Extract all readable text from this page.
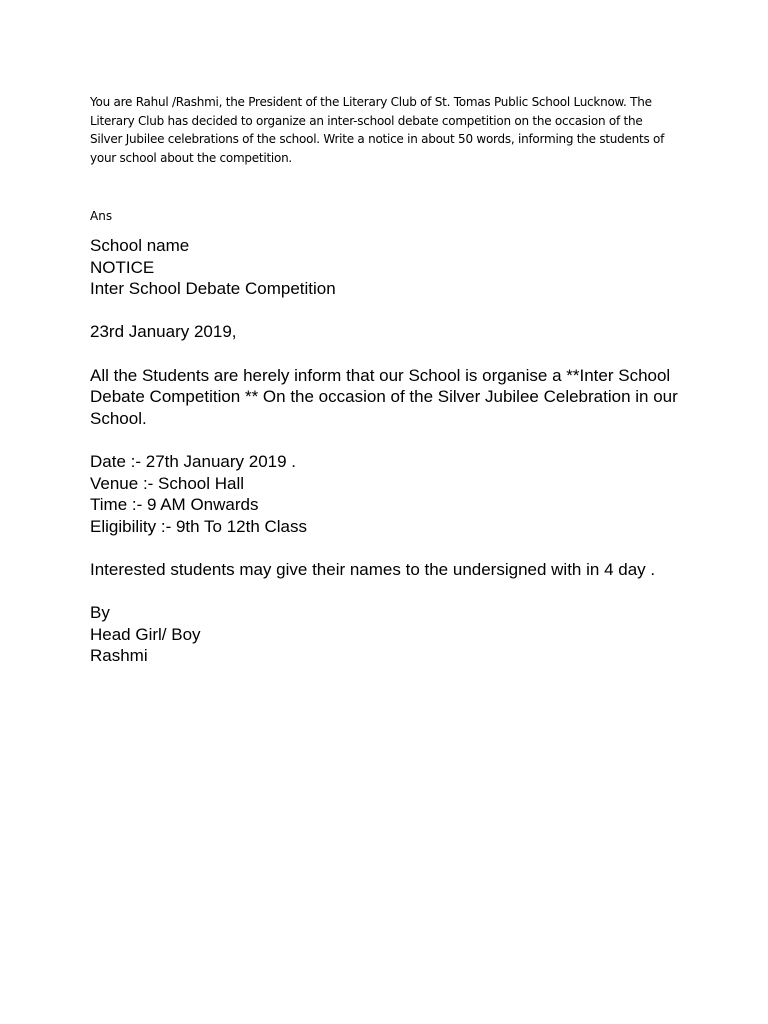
You are Rahul /Rashmi, the President of the Literary Club of St. Tomas Public School Lucknow. The Literary Club has decided to organize an inter-school debate competition on the occasion of the Silver Jubilee celebrations of the school. Write a notice in about 50 words, informing the students of your school about the competition.

Ans

School name

NOTICE

Inter School Debate Competition

23rd January 2019,

All the Students are herely inform that our School is organise a **Inter School Debate Competition ** On the occasion of the Silver Jubilee Celebration in our School.

Date :- 27th January 2019 .

Venue :- School Hall

Time :- 9 AM Onwards

Eligibility :- 9th To 12th Class

Interested students may give their names to the undersigned with in 4 day .

By

Head Girl/ Boy

Rashmi
